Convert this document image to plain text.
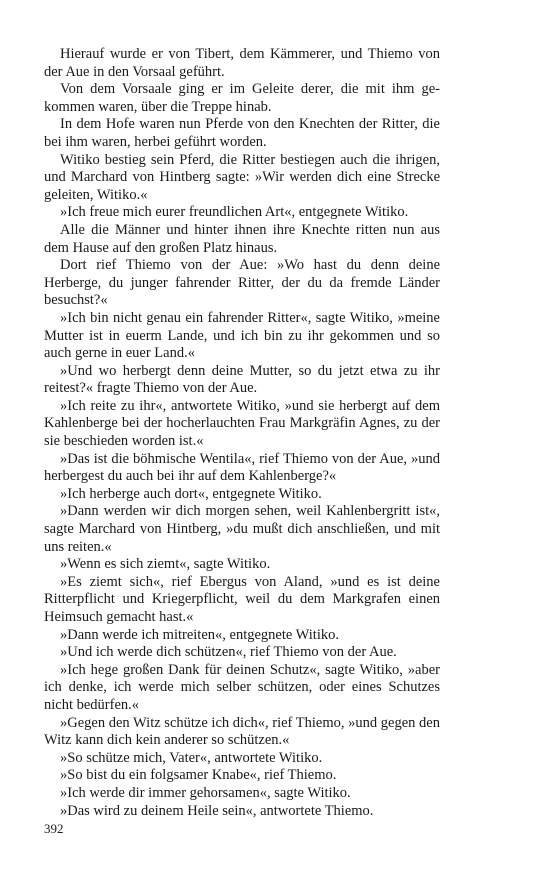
Hierauf wurde er von Tibert, dem Kämmerer, und Thiemo von der Aue in den Vorsaal geführt.

Von dem Vorsaale ging er im Geleite derer, die mit ihm gekommen waren, über die Treppe hinab.

In dem Hofe waren nun Pferde von den Knechten der Ritter, die bei ihm waren, herbei geführt worden.

Witiko bestieg sein Pferd, die Ritter bestiegen auch die ihrigen, und Marchard von Hintberg sagte: »Wir werden dich eine Strecke geleiten, Witiko.«

»Ich freue mich eurer freundlichen Art«, entgegnete Witiko.

Alle die Männer und hinter ihnen ihre Knechte ritten nun aus dem Hause auf den großen Platz hinaus.

Dort rief Thiemo von der Aue: »Wo hast du denn deine Herberge, du junger fahrender Ritter, der du da fremde Länder besuchst?«

»Ich bin nicht genau ein fahrender Ritter«, sagte Witiko, »meine Mutter ist in euerm Lande, und ich bin zu ihr gekommen und so auch gerne in euer Land.«

»Und wo herbergt denn deine Mutter, so du jetzt etwa zu ihr reitest?« fragte Thiemo von der Aue.

»Ich reite zu ihr«, antwortete Witiko, »und sie herbergt auf dem Kahlenberge bei der hocherlauchten Frau Markgräfin Agnes, zu der sie beschieden worden ist.«

»Das ist die böhmische Wentila«, rief Thiemo von der Aue, »und herbergest du auch bei ihr auf dem Kahlenberge?«

»Ich herberge auch dort«, entgegnete Witiko.

»Dann werden wir dich morgen sehen, weil Kahlenbergritt ist«, sagte Marchard von Hintberg, »du mußt dich anschließen, und mit uns reiten.«

»Wenn es sich ziemt«, sagte Witiko.

»Es ziemt sich«, rief Ebergus von Aland, »und es ist deine Ritterpflicht und Kriegerpflicht, weil du dem Markgrafen einen Heimsuch gemacht hast.«

»Dann werde ich mitreiten«, entgegnete Witiko.

»Und ich werde dich schützen«, rief Thiemo von der Aue.

»Ich hege großen Dank für deinen Schutz«, sagte Witiko, »aber ich denke, ich werde mich selber schützen, oder eines Schutzes nicht bedürfen.«

»Gegen den Witz schütze ich dich«, rief Thiemo, »und gegen den Witz kann dich kein anderer so schützen.«

»So schütze mich, Vater«, antwortete Witiko.

»So bist du ein folgsamer Knabe«, rief Thiemo.

»Ich werde dir immer gehorsamen«, sagte Witiko.

»Das wird zu deinem Heile sein«, antwortete Thiemo.

392
